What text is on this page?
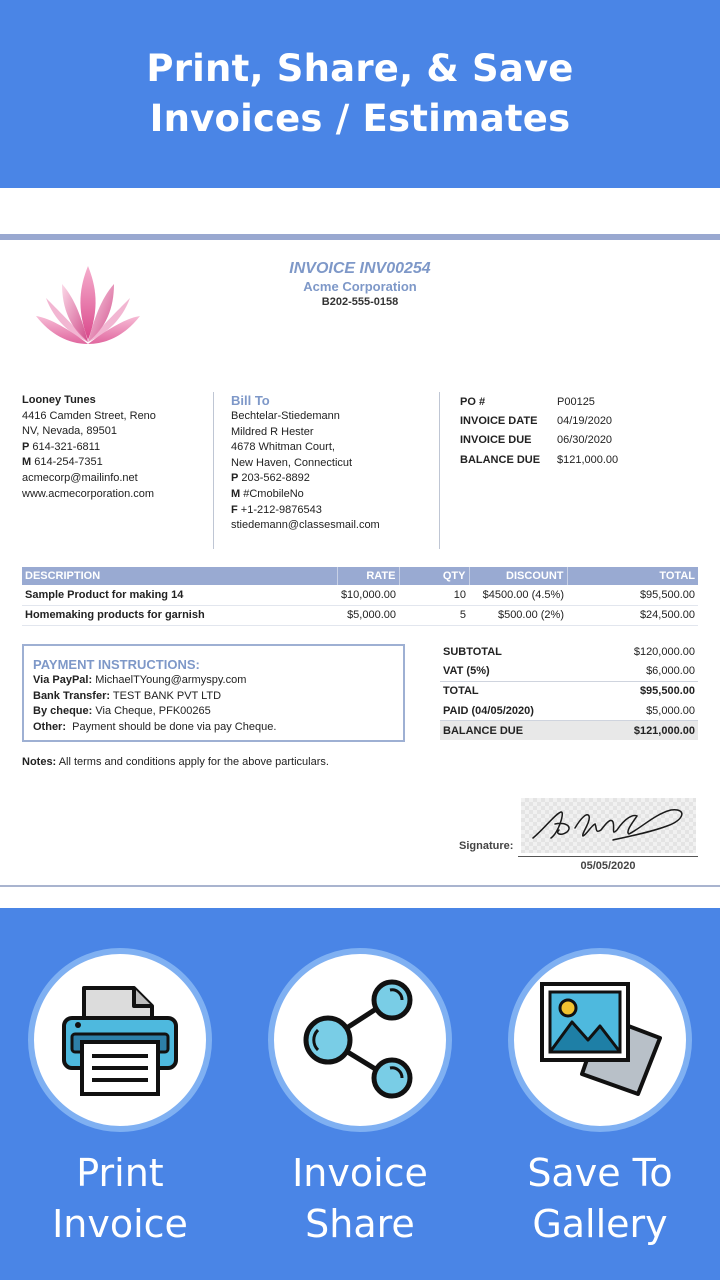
Print, Share, & Save Invoices / Estimates
INVOICE INV00254
Acme Corporation
B202-555-0158
Looney Tunes
4416 Camden Street, Reno
NV, Nevada, 89501
P 614-321-6811
M 614-254-7351
acmecorp@mailinfo.net
www.acmecorporation.com
Bill To
Bechtelar-Stiedemann
Mildred R Hester
4678 Whitman Court,
New Haven, Connecticut
P 203-562-8892
M #CmobileNo
F +1-212-9876543
stiedemann@classesmail.com
PO #	P00125
INVOICE DATE	04/19/2020
INVOICE DUE	06/30/2020
BALANCE DUE	$121,000.00
DESCRIPTION	RATE	QTY	DISCOUNT	TOTAL
Sample Product for making 14	$10,000.00	10	$4500.00 (4.5%)	$95,500.00
Homemaking products for garnish	$5,000.00	5	$500.00 (2%)	$24,500.00
PAYMENT INSTRUCTIONS:
Via PayPal: MichaelTYoung@armyspy.com
Bank Transfer: TEST BANK PVT LTD
By cheque: Via Cheque, PFK00265
Other: Payment should be done via pay Cheque.
SUBTOTAL	$120,000.00
VAT (5%)	$6,000.00
TOTAL	$95,500.00
PAID (04/05/2020)	$5,000.00
BALANCE DUE	$121,000.00
Notes: All terms and conditions apply for the above particulars.
Signature:
05/05/2020
Print
Invoice
Invoice
Share
Save To
Gallery
